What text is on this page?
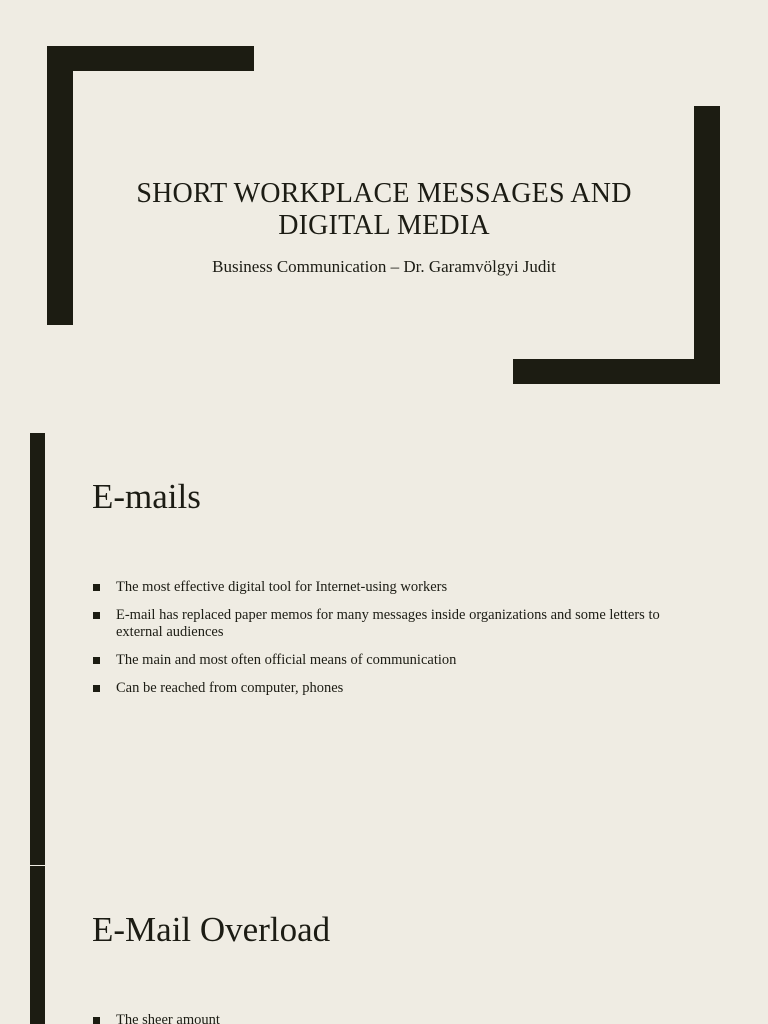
SHORT WORKPLACE MESSAGES AND DIGITAL MEDIA
Business Communication – Dr. Garamvölgyi Judit
E-mails
The most effective digital tool for Internet-using workers
E-mail has replaced paper memos for many messages inside organizations and some letters to external audiences
The main and most often official means of communication
Can be reached from computer, phones
E-Mail Overload
The sheer amount
